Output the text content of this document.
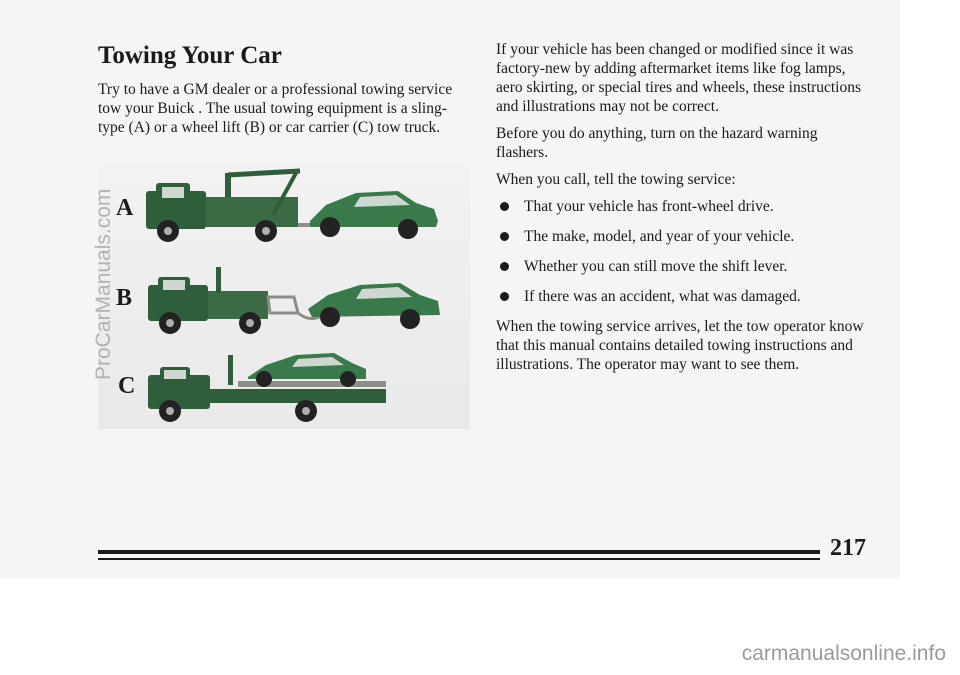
Towing Your Car

Try to have a GM dealer or a professional towing service tow your Buick . The usual towing equipment is a sling-type (A) or a wheel lift (B) or car carrier (C) tow truck.

A
B
C

If your vehicle has been changed or modified since it was factory-new by adding aftermarket items like fog lamps, aero skirting, or special tires and wheels, these instructions and illustrations may not be correct.

Before you do anything, turn on the hazard warning flashers.

When you call, tell the towing service:

That your vehicle has front-wheel drive.
The make, model, and year of your vehicle.
Whether you can still move the shift lever.
If there was an accident, what was damaged.

When the towing service arrives, let the tow operator know that this manual contains detailed towing instructions and illustrations. The operator may want to see them.

ProCarManuals.com
217
carmanualsonline.info
